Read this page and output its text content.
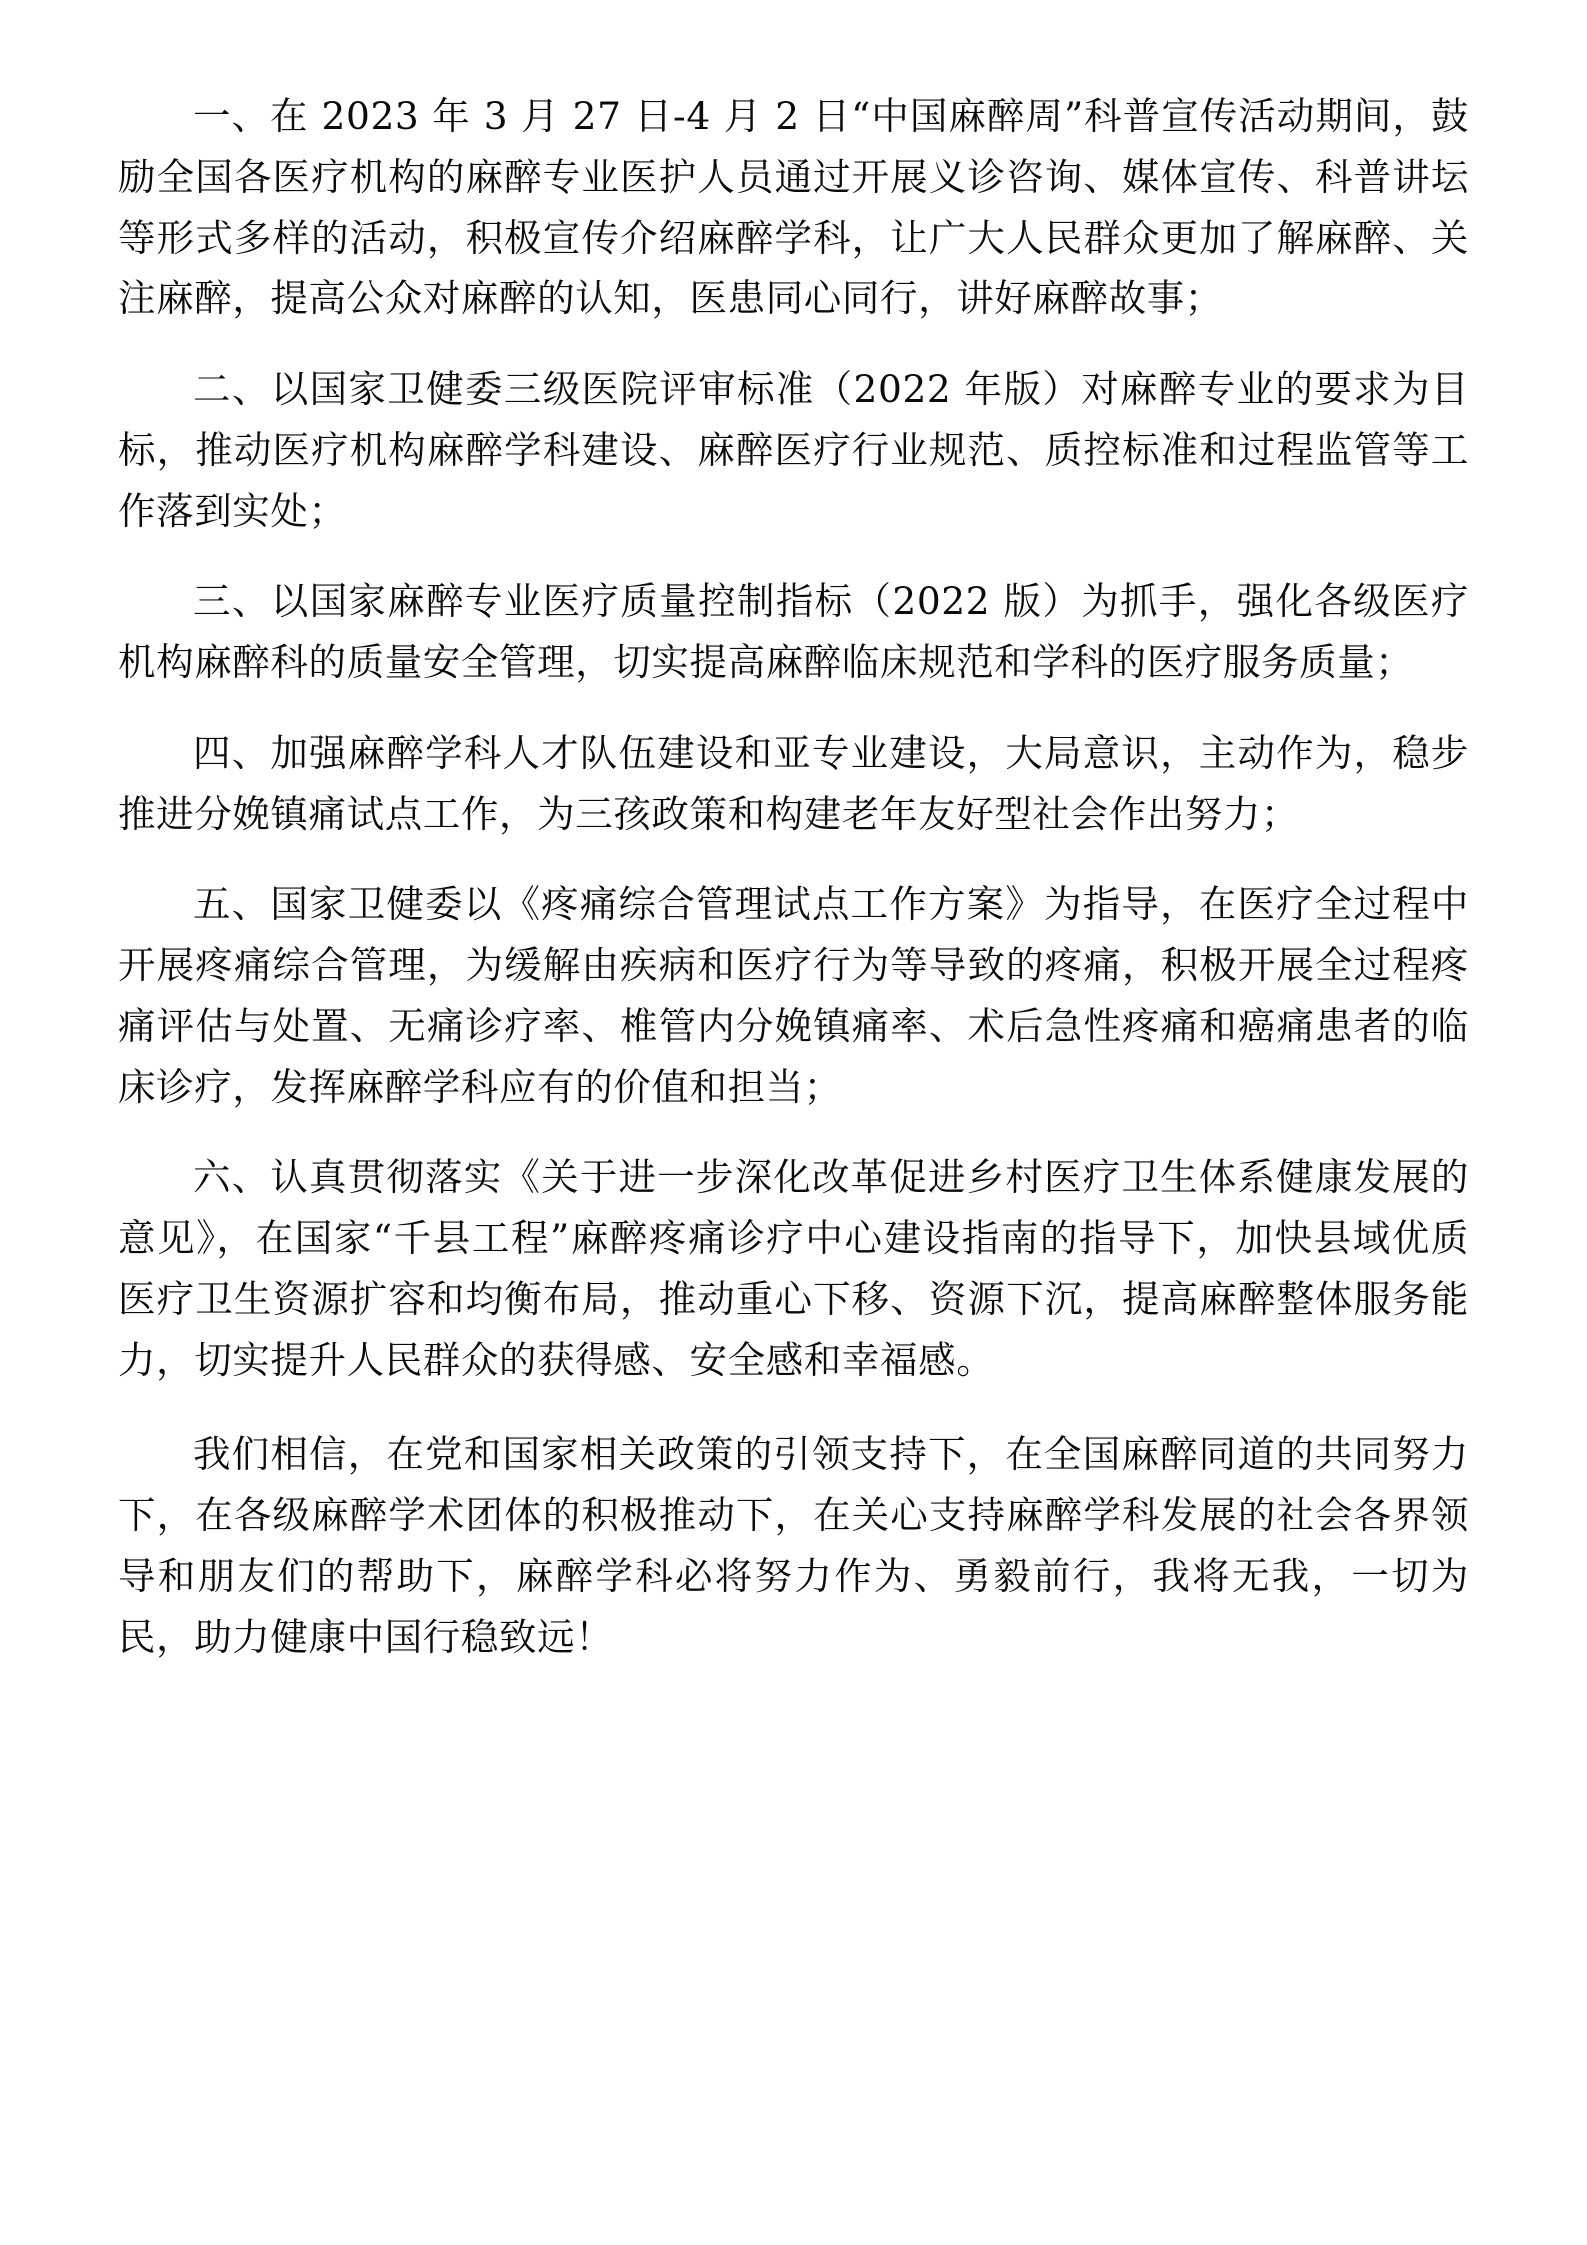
一、在 2023 年 3 月 27 日-4 月 2 日“中国麻醉周”科普宣传活动期间，鼓励全国各医疗机构的麻醉专业医护人员通过开展义诊咨询、媒体宣传、科普讲坛等形式多样的活动，积极宣传介绍麻醉学科，让广大人民群众更加了解麻醉、关注麻醉，提高公众对麻醉的认知，医患同心同行，讲好麻醉故事；

二、以国家卫健委三级医院评审标准（2022 年版）对麻醉专业的要求为目标，推动医疗机构麻醉学科建设、麻醉医疗行业规范、质控标准和过程监管等工作落到实处；

三、以国家麻醉专业医疗质量控制指标（2022 版）为抓手，强化各级医疗机构麻醉科的质量安全管理，切实提高麻醉临床规范和学科的医疗服务质量；

四、加强麻醉学科人才队伍建设和亚专业建设，大局意识，主动作为，稳步推进分娩镇痛试点工作，为三孩政策和构建老年友好型社会作出努力；

五、国家卫健委以《疼痛综合管理试点工作方案》为指导，在医疗全过程中开展疼痛综合管理，为缓解由疾病和医疗行为等导致的疼痛，积极开展全过程疼痛评估与处置、无痛诊疗率、椎管内分娩镇痛率、术后急性疼痛和癌痛患者的临床诊疗，发挥麻醉学科应有的价值和担当；

六、认真贯彻落实《关于进一步深化改革促进乡村医疗卫生体系健康发展的意见》，在国家“千县工程”麻醉疼痛诊疗中心建设指南的指导下，加快县域优质医疗卫生资源扩容和均衡布局，推动重心下移、资源下沉，提高麻醉整体服务能力，切实提升人民群众的获得感、安全感和幸福感。

我们相信，在党和国家相关政策的引领支持下，在全国麻醉同道的共同努力下，在各级麻醉学术团体的积极推动下，在关心支持麻醉学科发展的社会各界领导和朋友们的帮助下，麻醉学科必将努力作为、勇毅前行，我将无我，一切为民，助力健康中国行稳致远！
